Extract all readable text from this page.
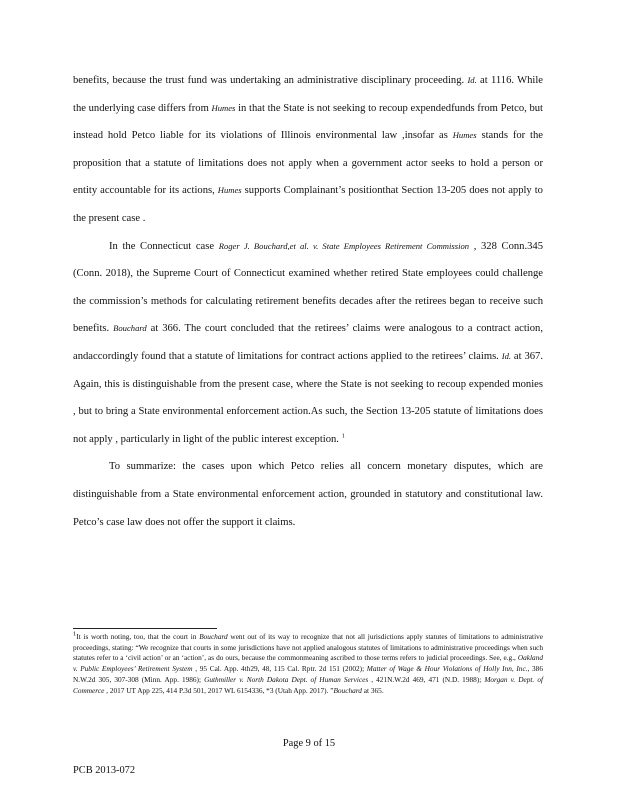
benefits, because the trust fund was undertaking an administrative disciplinary proceeding. Id. at 1116. While the underlying case differs from Humes in that the State is not seeking to recoup expendedfunds from Petco, but instead hold Petco liable for its violations of Illinois environmental law ,insofar as Humes stands for the proposition that a statute of limitations does not apply when a government actor seeks to hold a person or entity accountable for its actions, Humes supports Complainant’s positionthat Section 13-205 does not apply to the present case .

In the Connecticut case Roger J. Bouchard,et al. v. State Employees Retirement Commission , 328 Conn.345 (Conn. 2018), the Supreme Court of Connecticut examined whether retired State employees could challenge the commission’s methods for calculating retirement benefits decades after the retirees began to receive such benefits. Bouchard at 366. The court concluded that the retirees’ claims were analogous to a contract action, andaccordingly found that a statute of limitations for contract actions applied to the retirees’ claims. Id. at 367. Again, this is distinguishable from the present case, where the State is not seeking to recoup expended monies , but to bring a State environmental enforcement action.As such, the Section 13-205 statute of limitations does not apply , particularly in light of the public interest exception. $^1$

To summarize: the cases upon which Petco relies all concern monetary disputes, which are distinguishable from a State environmental enforcement action, grounded in statutory and constitutional law. Petco’s case law does not offer the support it claims.

1It is worth noting, too, that the court in Bouchard went out of its way to recognize that not all jurisdictions apply statutes of limitations to administrative proceedings, stating: “We recognize that courts in some jurisdictions have not applied analogous statutes of limitations to administrative proceedings when such statutes refer to a ‘civil action’ or an ‘action’, as do ours, because the commonmeaning ascribed to those terms refers to judicial proceedings. See, e.g., Oakland v. Public Employees’ Retirement System , 95 Cal. App. 4th29, 48, 115 Cal. Rptr. 2d 151 (2002); Matter of Wage & Hour Violations of Holly Inn, Inc., 386 N.W.2d 305, 307-308 (Minn. App. 1986); Guthmiller v. North Dakota Dept. of Human Services , 421N.W.2d 469, 471 (N.D. 1988); Morgan v. Dept. of Commerce , 2017 UT App 225, 414 P.3d 501, 2017 WL 6154336, *3 (Utah App. 2017). ”Bouchard at 365.
Page 9 of 15
PCB 2013-072
